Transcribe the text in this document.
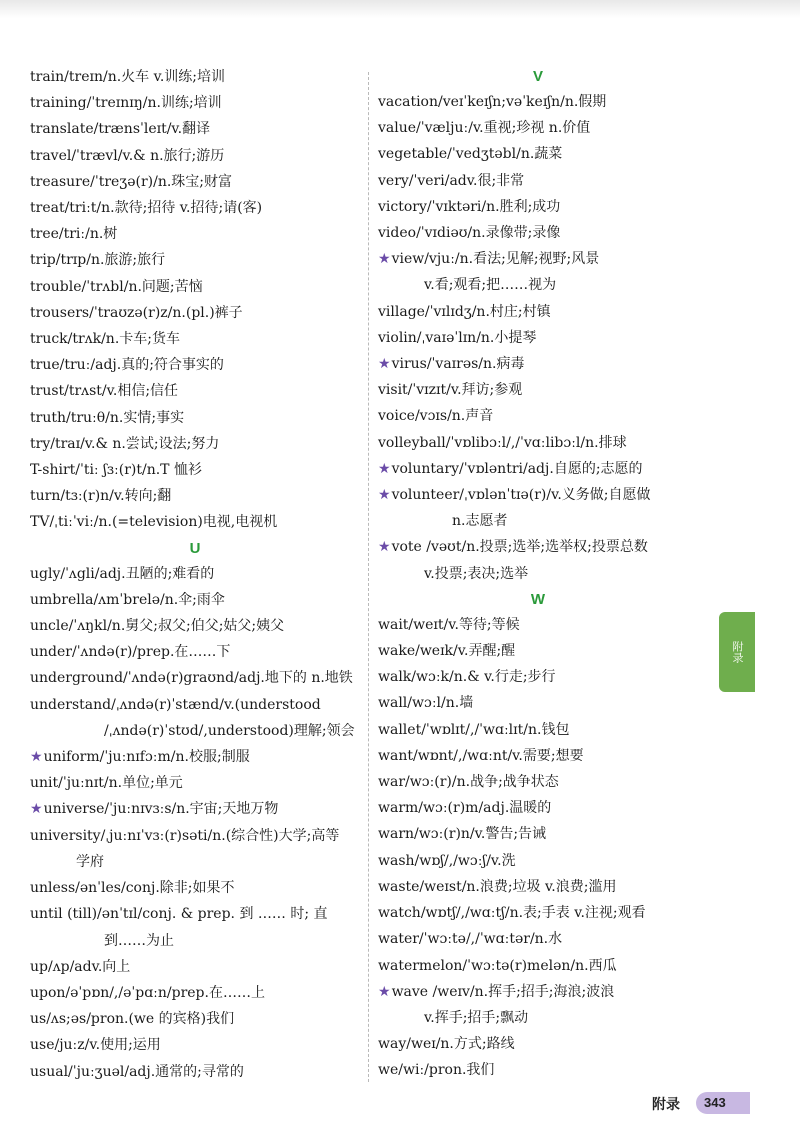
train/treɪn/n.火车 v.训练;培训
training/ˈtreɪnɪŋ/n.训练;培训
translate/trænsˈleɪt/v.翻译
travel/ˈtrævl/v.& n.旅行;游历
treasure/ˈtreʒə(r)/n.珠宝;财富
treat/triːt/n.款待;招待 v.招待;请(客)
tree/triː/n.树
trip/trɪp/n.旅游;旅行
trouble/ˈtrʌbl/n.问题;苦恼
trousers/ˈtraʊzə(r)z/n.(pl.)裤子
truck/trʌk/n.卡车;货车
true/truː/adj.真的;符合事实的
trust/trʌst/v.相信;信任
truth/truːθ/n.实情;事实
try/traɪ/v.& n.尝试;设法;努力
T-shirt/ˈtiː ʃɜː(r)t/n.T 恤衫
turn/tɜː(r)n/v.转向;翻
TV/ˌtiːˈviː/n.(=television)电视,电视机
U
ugly/ˈʌgli/adj.丑陋的;难看的
umbrella/ʌmˈbrelə/n.伞;雨伞
uncle/ˈʌŋkl/n.舅父;叔父;伯父;姑父;姨父
under/ˈʌndə(r)/prep.在……下
underground/ˈʌndə(r)graʊnd/adj.地下的 n.地铁
understand/ˌʌndə(r)ˈstænd/v.(understood
/ˌʌndə(r)ˈstʊd/,understood)理解;领会
★uniform/ˈjuːnɪfɔːm/n.校服;制服
unit/ˈjuːnɪt/n.单位;单元
★universe/ˈjuːnɪvɜːs/n.宇宙;天地万物
university/ˌjuːnɪˈvɜː(r)səti/n.(综合性)大学;高等
学府
unless/ənˈles/conj.除非;如果不
until (till)/ənˈtɪl/conj. & prep. 到 …… 时; 直
到……为止
up/ʌp/adv.向上
upon/əˈpɒn/,/əˈpɑːn/prep.在……上
us/ʌs;əs/pron.(we 的宾格)我们
use/juːz/v.使用;运用
usual/ˈjuːʒuəl/adj.通常的;寻常的
V
vacation/veɪˈkeɪʃn;vəˈkeɪʃn/n.假期
value/ˈvæljuː/v.重视;珍视 n.价值
vegetable/ˈvedʒtəbl/n.蔬菜
very/ˈveri/adv.很;非常
victory/ˈvɪktəri/n.胜利;成功
video/ˈvɪdiəʊ/n.录像带;录像
★view/vjuː/n.看法;见解;视野;风景
v.看;观看;把……视为
village/ˈvɪlɪdʒ/n.村庄;村镇
violin/ˌvaɪəˈlɪn/n.小提琴
★virus/ˈvaɪrəs/n.病毒
visit/ˈvɪzɪt/v.拜访;参观
voice/vɔɪs/n.声音
volleyball/ˈvɒlibɔːl/,/ˈvɑːlibɔːl/n.排球
★voluntary/ˈvɒləntri/adj.自愿的;志愿的
★volunteer/ˌvɒlənˈtɪə(r)/v.义务做;自愿做
n.志愿者
★vote /vəʊt/n.投票;选举;选举权;投票总数
v.投票;表决;选举
W
wait/weɪt/v.等待;等候
wake/weɪk/v.弄醒;醒
walk/wɔːk/n.& v.行走;步行
wall/wɔːl/n.墙
wallet/ˈwɒlɪt/,/ˈwɑːlɪt/n.钱包
want/wɒnt/,/wɑːnt/v.需要;想要
war/wɔː(r)/n.战争;战争状态
warm/wɔː(r)m/adj.温暖的
warn/wɔː(r)n/v.警告;告诫
wash/wɒʃ/,/wɔːʃ/v.洗
waste/weɪst/n.浪费;垃圾 v.浪费;滥用
watch/wɒtʃ/,/wɑːtʃ/n.表;手表 v.注视;观看
water/ˈwɔːtə/,/ˈwɑːtər/n.水
watermelon/ˈwɔːtə(r)melən/n.西瓜
★wave /weɪv/n.挥手;招手;海浪;波浪
v.挥手;招手;飘动
way/weɪ/n.方式;路线
we/wiː/pron.我们
附录
附录	343
